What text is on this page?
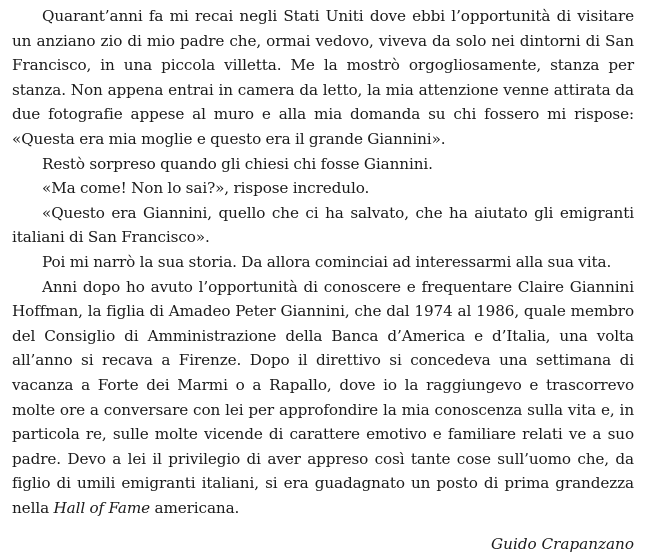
Quarant’anni fa mi recai negli Stati Uniti dove ebbi l’opportunità di visitare un anziano zio di mio padre che, ormai vedovo, viveva da solo nei dintorni di San Francisco, in una piccola villetta. Me la mostrò orgogliosamente, stanza per stanza. Non appena entrai in camera da letto, la mia attenzione venne attirata da due fotografie appese al muro e alla mia domanda su chi fossero mi rispose: «Questa era mia moglie e questo era il grande Giannini».

Restò sorpreso quando gli chiesi chi fosse Giannini.

«Ma come! Non lo sai?», rispose incredulo.

«Questo era Giannini, quello che ci ha salvato, che ha aiutato gli emigranti italiani di San Francisco».

Poi mi narrò la sua storia. Da allora cominciai ad interessarmi alla sua vita.

Anni dopo ho avuto l’opportunità di conoscere e frequentare Claire Giannini Hoffman, la figlia di Amadeo Peter Giannini, che dal 1974 al 1986, quale membro del Consiglio di Amministrazione della Banca d’America e d’Italia, una volta all’anno si recava a Firenze. Dopo il direttivo si concedeva una settimana di vacanza a Forte dei Marmi o a Rapallo, dove io la raggiungevo e trascorrevo molte ore a conversare con lei per approfondire la mia conoscenza sulla vita e, in particola re, sulle molte vicende di carattere emotivo e familiare relati ve a suo padre. Devo a lei il privilegio di aver appreso così tante cose sull’uomo che, da figlio di umili emigranti italiani, si era guadagnato un posto di prima grandezza nella Hall of Fame americana.

Guido Crapanzano
